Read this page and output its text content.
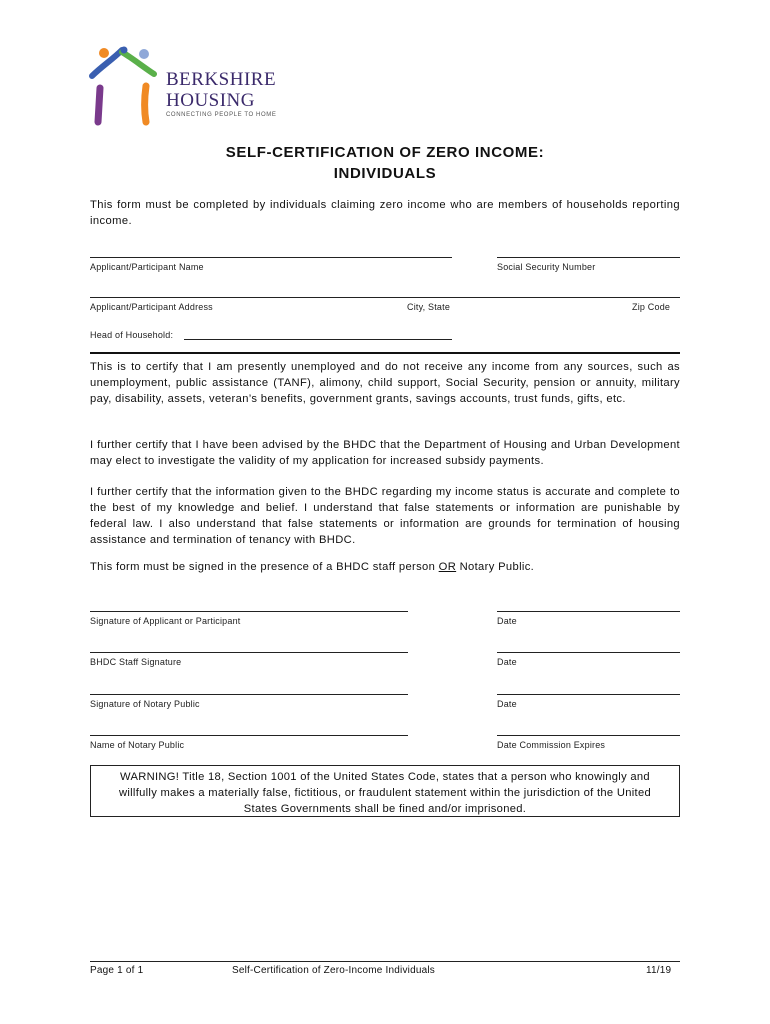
BERKSHIRE
HOUSING
CONNECTING PEOPLE TO HOME
SELF-CERTIFICATION OF ZERO INCOME:
INDIVIDUALS
This form must be completed by individuals claiming zero income who are members of households reporting income.
Applicant/Participant Name	Social Security Number
Applicant/Participant Address	City, State	Zip Code
Head of Household:
This is to certify that I am presently unemployed and do not receive any income from any sources, such as unemployment, public assistance (TANF), alimony, child support, Social Security, pension or annuity, military pay, disability, assets, veteran’s benefits, government grants, savings accounts, trust funds, gifts, etc.
I further certify that I have been advised by the BHDC that the Department of Housing and Urban Development may elect to investigate the validity of my application for increased subsidy payments.
I further certify that the information given to the BHDC regarding my income status is accurate and complete to the best of my knowledge and belief. I understand that false statements or information are punishable by federal law. I also understand that false statements or information are grounds for termination of housing assistance and termination of tenancy with BHDC.
This form must be signed in the presence of a BHDC staff person OR Notary Public.
Signature of Applicant or Participant	Date
BHDC Staff Signature	Date
Signature of Notary Public	Date
Name of Notary Public	Date Commission Expires
WARNING! Title 18, Section 1001 of the United States Code, states that a person who knowingly and willfully makes a materially false, fictitious, or fraudulent statement within the jurisdiction of the United States Governments shall be fined and/or imprisoned.
Page 1 of 1	Self-Certification of Zero-Income Individuals	11/19
